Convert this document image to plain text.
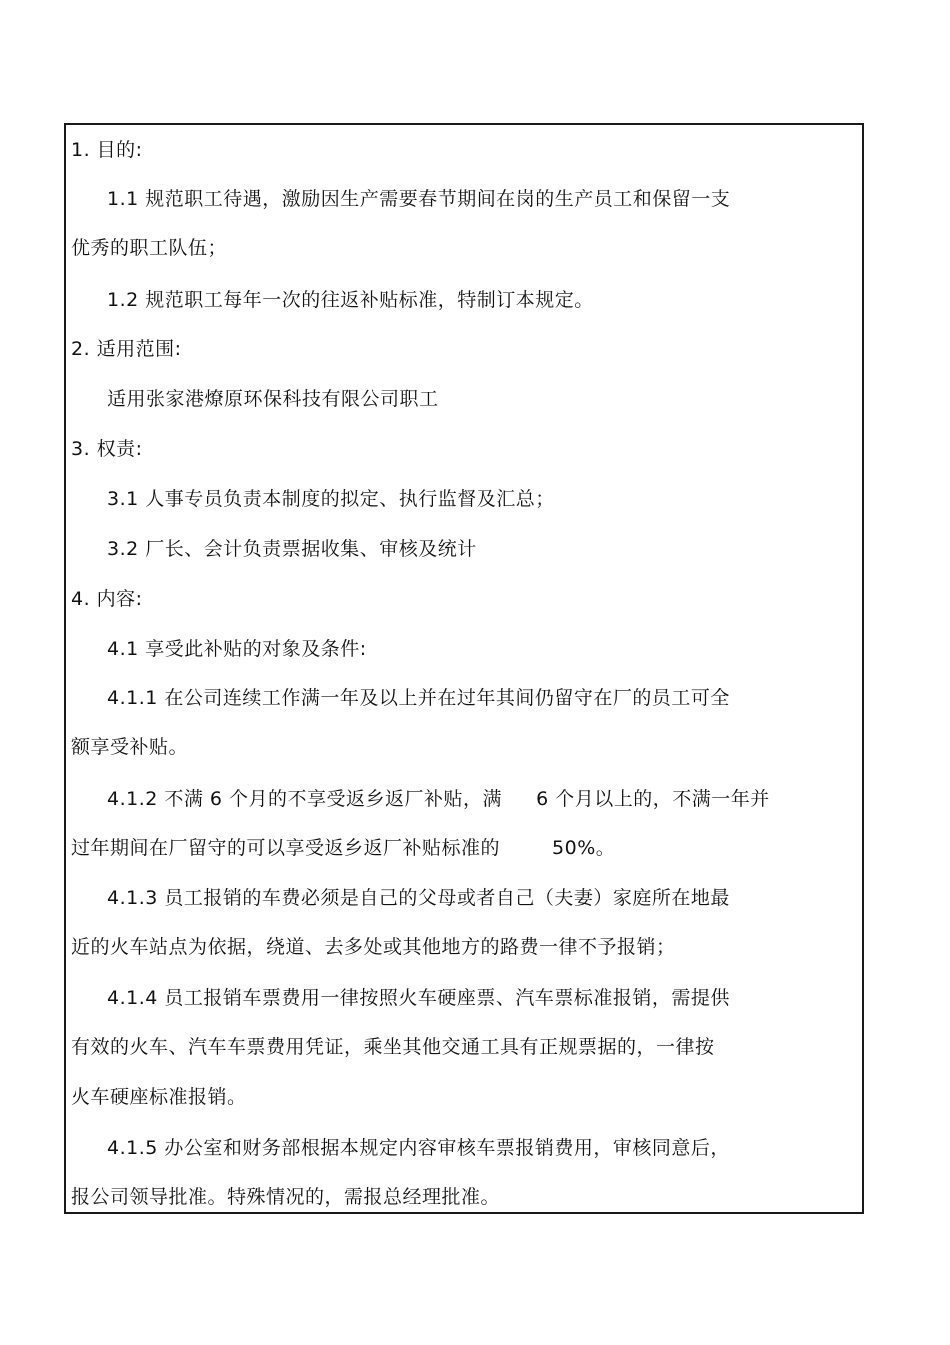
1. 目的:
1.1 规范职工待遇，激励因生产需要春节期间在岗的生产员工和保留一支
优秀的职工队伍；
1.2 规范职工每年一次的往返补贴标准，特制订本规定。
2. 适用范围:
适用张家港燎原环保科技有限公司职工
3. 权责:
3.1 人事专员负责本制度的拟定、执行监督及汇总；
3.2 厂长、会计负责票据收集、审核及统计
4. 内容:
4.1 享受此补贴的对象及条件:
4.1.1 在公司连续工作满一年及以上并在过年其间仍留守在厂的员工可全
额享受补贴。
4.1.2 不满 6 个月的不享受返乡返厂补贴，满 6 个月以上的，不满一年并
过年期间在厂留守的可以享受返乡返厂补贴标准的	50%。
4.1.3 员工报销的车费必须是自己的父母或者自己（夫妻）家庭所在地最
近的火车站点为依据，绕道、去多处或其他地方的路费一律不予报销；
4.1.4 员工报销车票费用一律按照火车硬座票、汽车票标准报销，需提供
有效的火车、汽车车票费用凭证，乘坐其他交通工具有正规票据的，一律按
火车硬座标准报销。
4.1.5 办公室和财务部根据本规定内容审核车票报销费用，审核同意后，
报公司领导批准。特殊情况的，需报总经理批准。
